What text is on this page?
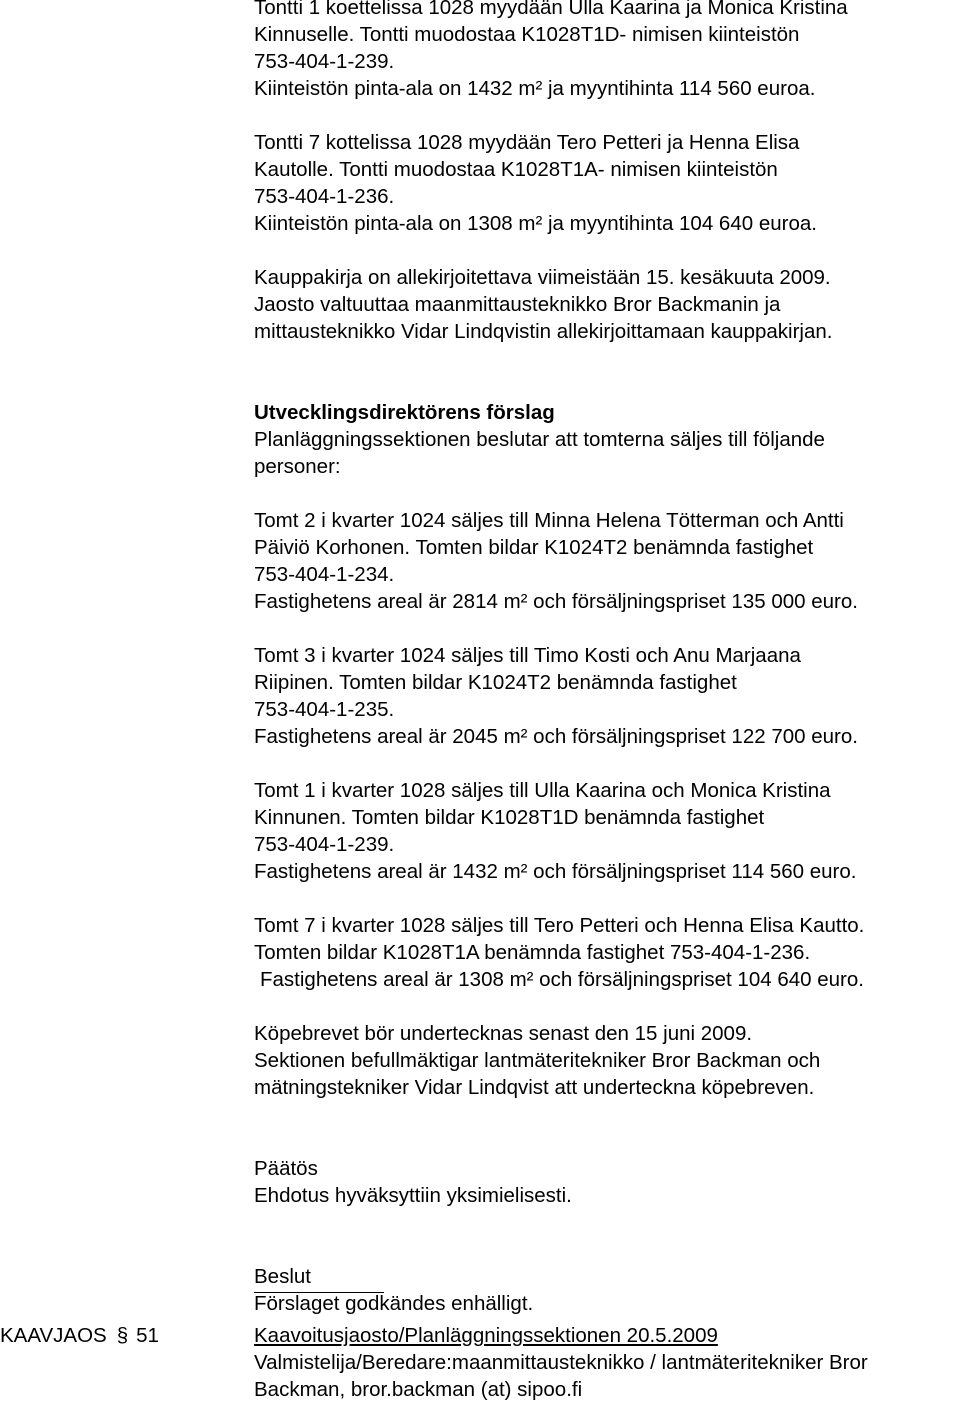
Tontti 1 koettelissa 1028 myydään Ulla Kaarina ja Monica Kristina
Kinnuselle. Tontti muodostaa K1028T1D- nimisen kiinteistön
753-404-1-239.
Kiinteistön pinta-ala on 1432 m² ja myyntihinta 114 560 euroa.
Tontti 7 kottelissa 1028 myydään Tero Petteri ja Henna Elisa
Kautolle. Tontti muodostaa K1028T1A- nimisen kiinteistön
753-404-1-236.
Kiinteistön pinta-ala on 1308 m² ja myyntihinta 104 640 euroa.
Kauppakirja on allekirjoitettava viimeistään 15. kesäkuuta 2009.
Jaosto valtuuttaa maanmittausteknikko Bror Backmanin ja
mittausteknikko Vidar Lindqvistin allekirjoittamaan kauppakirjan.
Utvecklingsdirektörens förslag
Planläggningssektionen beslutar att tomterna säljes till följande
personer:
Tomt 2 i kvarter 1024 säljes till Minna Helena Tötterman och Antti
Päiviö Korhonen. Tomten bildar K1024T2 benämnda fastighet
753-404-1-234.
Fastighetens areal är 2814 m² och försäljningspriset 135 000 euro.
Tomt 3 i kvarter 1024 säljes till Timo Kosti och Anu Marjaana
Riipinen. Tomten bildar K1024T2 benämnda fastighet
753-404-1-235.
Fastighetens areal är 2045 m² och försäljningspriset 122 700 euro.
Tomt 1 i kvarter 1028 säljes till Ulla Kaarina och Monica Kristina
Kinnunen. Tomten bildar K1028T1D benämnda fastighet
753-404-1-239.
Fastighetens areal är 1432 m² och försäljningspriset 114 560 euro.
Tomt 7 i kvarter 1028 säljes till Tero Petteri och Henna Elisa Kautto.
Tomten bildar K1028T1A benämnda fastighet 753-404-1-236.
Fastighetens areal är 1308 m² och försäljningspriset 104 640 euro.
Köpebrevet bör undertecknas senast den 15 juni 2009.
Sektionen befullmäktigar lantmäteritekniker Bror Backman och
mätningstekniker Vidar Lindqvist att underteckna köpebreven.
Päätös
Ehdotus hyväksyttiin yksimielisesti.
Beslut
Förslaget godkändes enhälligt.
KAAVJAOS § 51	Kaavoitusjaosto/Planläggningssektionen 20.5.2009
Valmistelija/Beredare:maanmittausteknikko / lantmäteritekniker Bror
Backman, bror.backman (at) sipoo.fi
